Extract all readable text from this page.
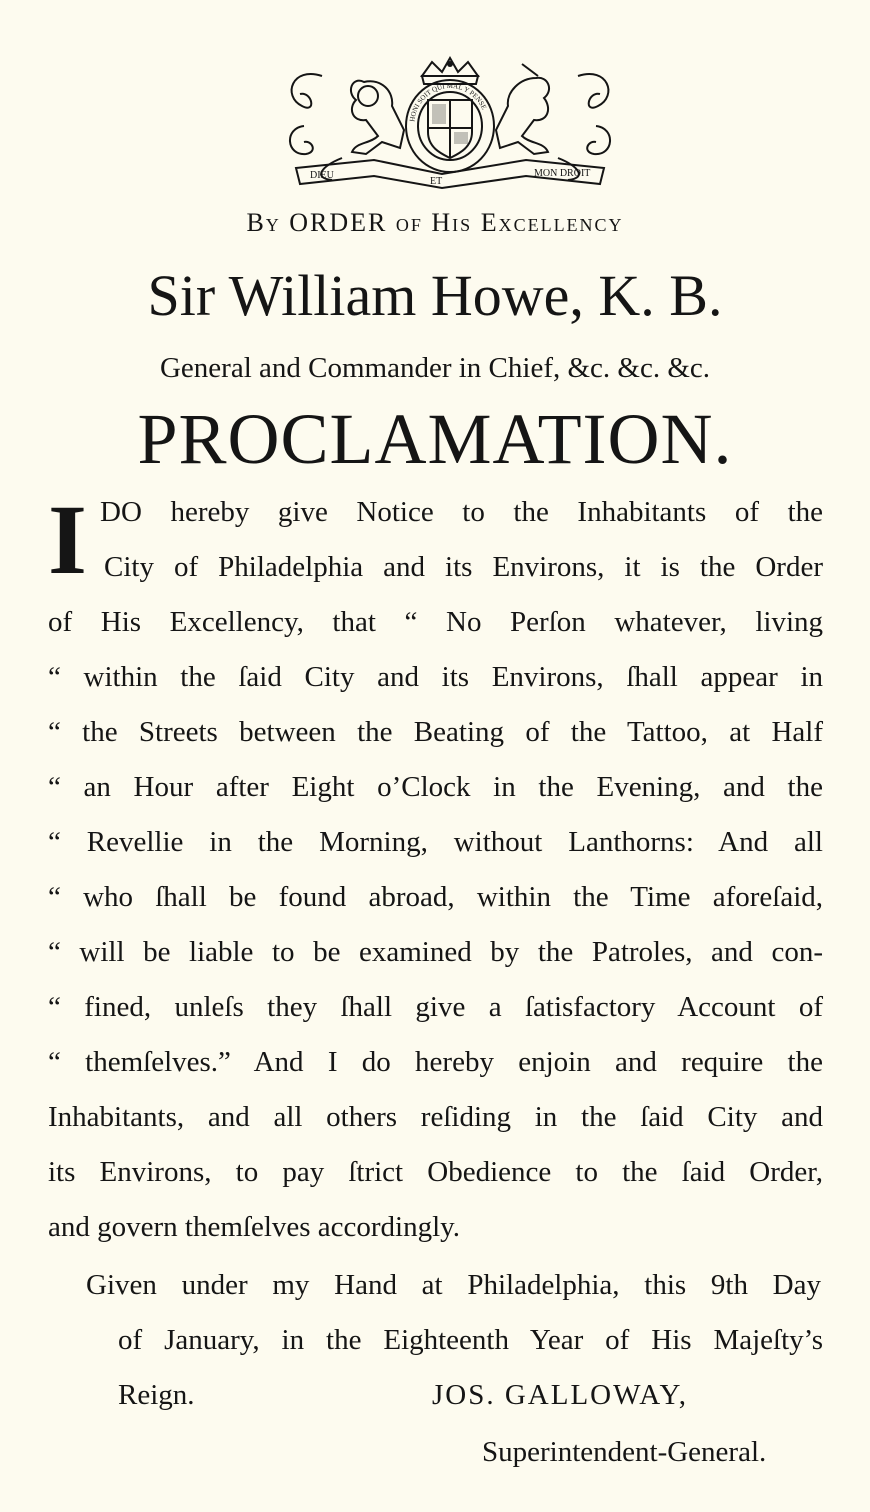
DIEU
ET
MON DROIT
HONI SOIT QUI MAL Y PENSE
By ORDER of His Excellency
Sir William Howe, K. B.
General and Commander in Chief, &c. &c. &c.
PROCLAMATION.
I DO hereby give Notice to the Inhabitants of the
City of Philadelphia and its Environs, it is the Order
of His Excellency, that “ No Perſon whatever, living
“ within the ſaid City and its Environs, ſhall appear in
“ the Streets between the Beating of the Tattoo, at Half
“ an Hour after Eight o’Clock in the Evening, and the
“ Revellie in the Morning, without Lanthorns: And all
“ who ſhall be found abroad, within the Time aforeſaid,
“ will be liable to be examined by the Patroles, and con-
“ fined, unleſs they ſhall give a ſatisfactory Account of
“ themſelves.” And I do hereby enjoin and require the
Inhabitants, and all others reſiding in the ſaid City and
its Environs, to pay ſtrict Obedience to the ſaid Order,
and govern themſelves accordingly.
Given under my Hand at Philadelphia, this 9th Day
of January, in the Eighteenth Year of His Majeſty’s
Reign.	JOS. GALLOWAY,
Superintendent-General.
